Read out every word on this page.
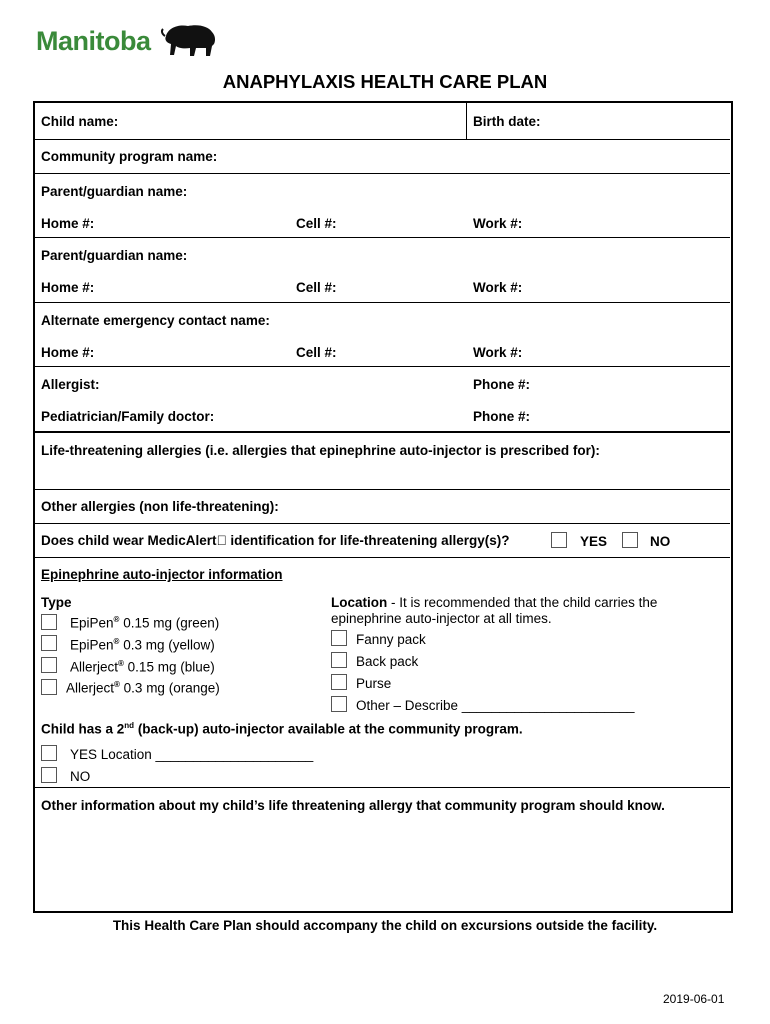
Manitoba
ANAPHYLAXIS HEALTH CARE PLAN
Child name:	Birth date:
Community program name:
Parent/guardian name:
Home #:	Cell #:	Work #:
Parent/guardian name:
Home #:	Cell #:	Work #:
Alternate emergency contact name:
Home #:	Cell #:	Work #:
Allergist:	Phone #:
Pediatrician/Family doctor:	Phone #:
Life-threatening allergies (i.e. allergies that epinephrine auto-injector is prescribed for):
Other allergies (non life-threatening):
Does child wear MedicAlert identification for life-threatening allergy(s)?	YES	NO
Epinephrine auto-injector information
Type
EpiPen® 0.15 mg (green)
EpiPen® 0.3 mg (yellow)
Allerject® 0.15 mg (blue)
Allerject® 0.3 mg (orange)
Location - It is recommended that the child carries the
epinephrine auto-injector at all times.
Fanny pack
Back pack
Purse
Other – Describe _______________________
Child has a 2nd (back-up) auto-injector available at the community program.
YES Location _____________________
NO
Other information about my child’s life threatening allergy that community program should know.
This Health Care Plan should accompany the child on excursions outside the facility.
2019-06-01
